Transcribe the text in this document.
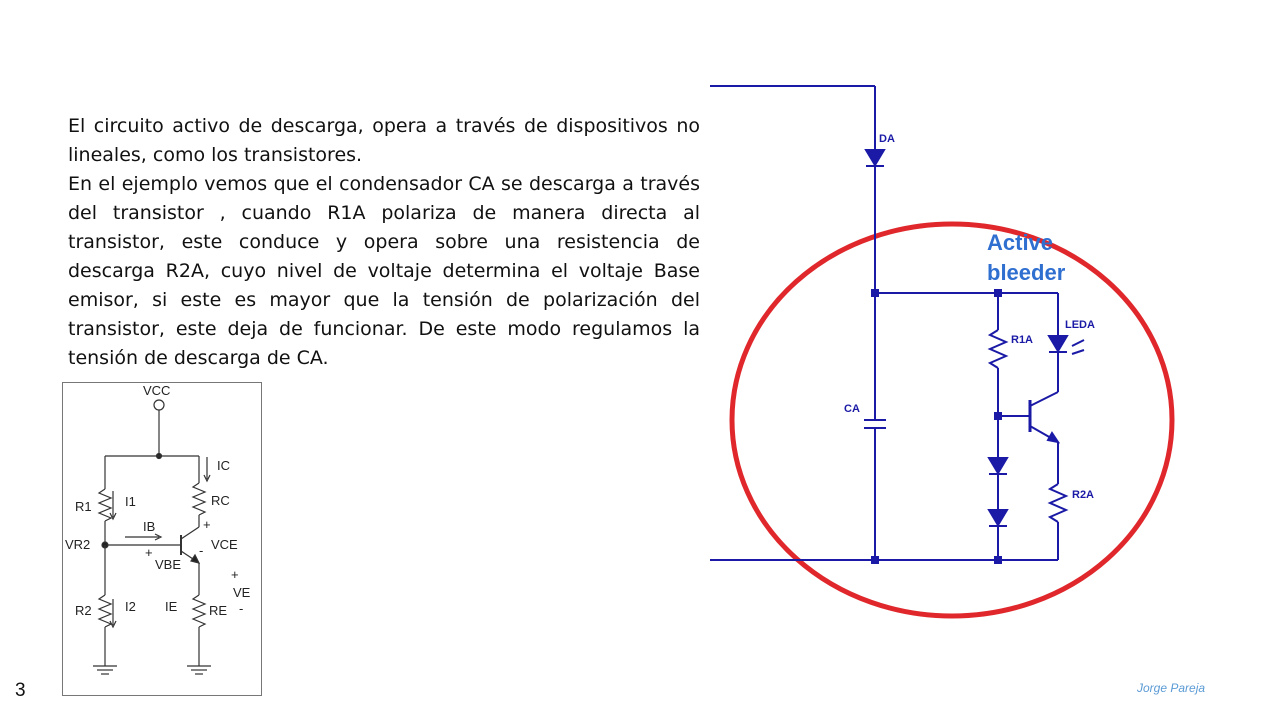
El circuito activo de descarga, opera a través de dispositivos no lineales, como los transistores.

En el ejemplo vemos que el condensador CA se descarga a través del transistor , cuando R1A polariza de manera directa al transistor, este conduce y opera sobre una resistencia de descarga R2A, cuyo nivel de voltaje determina el voltaje Base emisor, si este es mayor que la tensión de polarización del transistor, este deja de funcionar. De este modo regulamos la tensión de descarga de CA.

VCC
R1	I1
IC
RC
+
IB
VR2
+	-
VBE
VCE
+
VE
R2	I2 IE RE -
Active
bleeder
DA
CA
R1A
LEDA
R2A
3	Jorge Pareja
